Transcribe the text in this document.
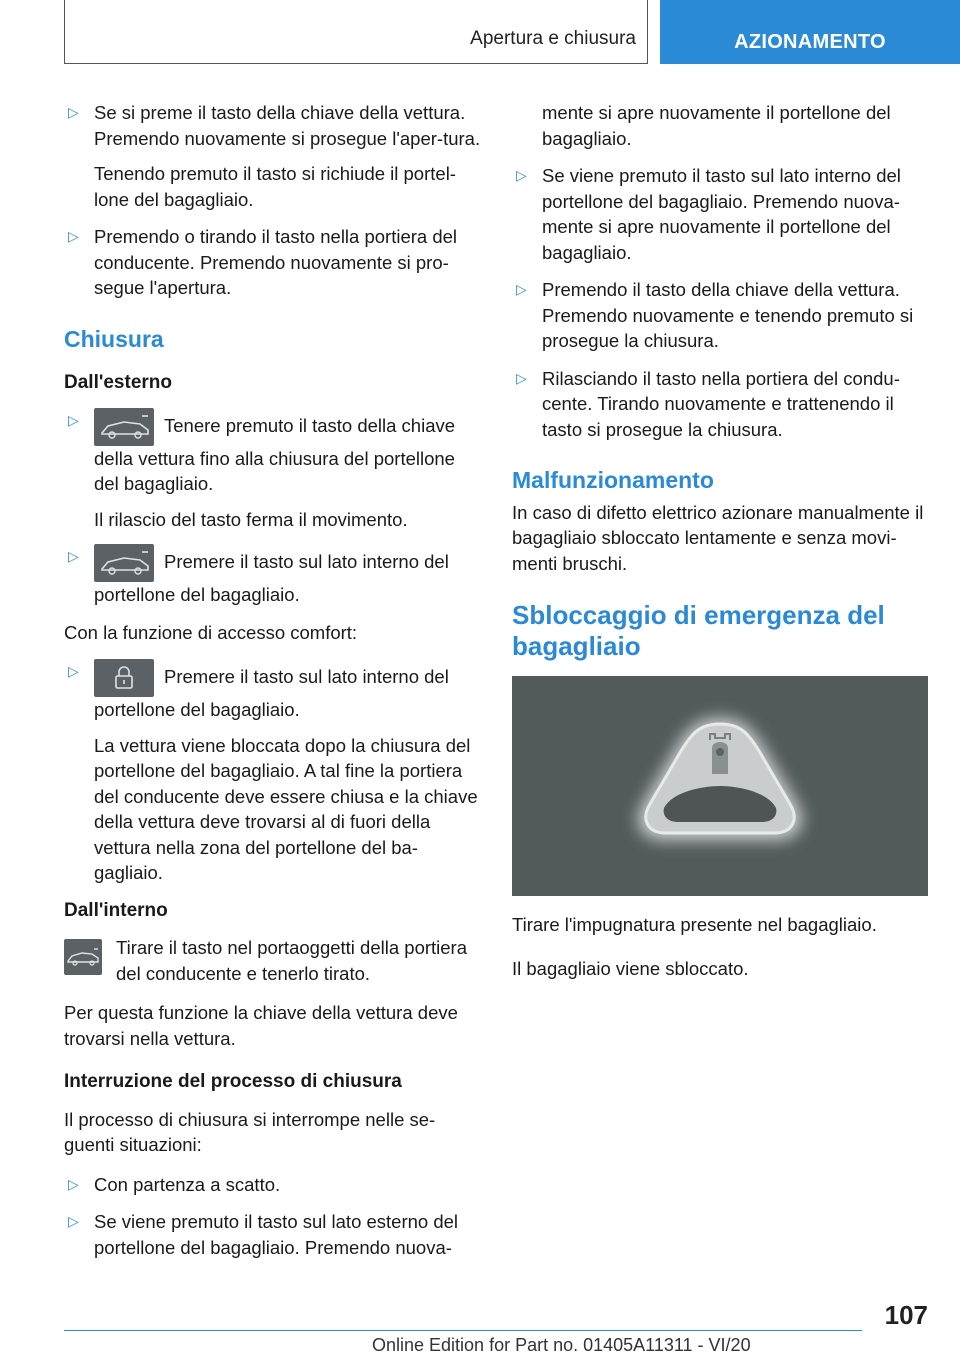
Apertura e chiusura	AZIONAMENTO
▷ Se si preme il tasto della chiave della vettura. Premendo nuovamente si prosegue l'aper-tura.

Tenendo premuto il tasto si richiude il portel-lone del bagagliaio.

▷ Premendo o tirando il tasto nella portiera del conducente. Premendo nuovamente si pro-segue l'apertura.

Chiusura
Dall'esterno
▷	Tenere premuto il tasto della chiave della vettura fino alla chiusura del portellone del bagagliaio.

Il rilascio del tasto ferma il movimento.

▷	Premere il tasto sul lato interno del portellone del bagagliaio.

Con la funzione di accesso comfort:
▷	Premere il tasto sul lato interno del portellone del bagagliaio.

La vettura viene bloccata dopo la chiusura del portellone del bagagliaio. A tal fine la portiera del conducente deve essere chiusa e la chiave della vettura deve trovarsi al di fuori della vettura nella zona del portellone del ba-gagliaio.

Dall'interno
Tirare il tasto nel portaoggetti della portiera del conducente e tenerlo tirato.
Per questa funzione la chiave della vettura deve trovarsi nella vettura.
Interruzione del processo di chiusura
Il processo di chiusura si interrompe nelle se-guenti situazioni:
▷ Con partenza a scatto.

▷ Se viene premuto il tasto sul lato esterno del portellone del bagagliaio. Premendo nuova-

mente si apre nuovamente il portellone del bagagliaio.
▷ Se viene premuto il tasto sul lato interno del portellone del bagagliaio. Premendo nuova-mente si apre nuovamente il portellone del bagagliaio.

▷ Premendo il tasto della chiave della vettura. Premendo nuovamente e tenendo premuto si prosegue la chiusura.

▷ Rilasciando il tasto nella portiera del condu-cente. Tirando nuovamente e trattenendo il tasto si prosegue la chiusura.

Malfunzionamento
In caso di difetto elettrico azionare manualmente il bagagliaio sbloccato lentamente e senza movi-menti bruschi.
Sbloccaggio di emergenza del bagagliaio
Tirare l'impugnatura presente nel bagagliaio.
Il bagagliaio viene sbloccato.
107
Online Edition for Part no. 01405A11311 - VI/20
